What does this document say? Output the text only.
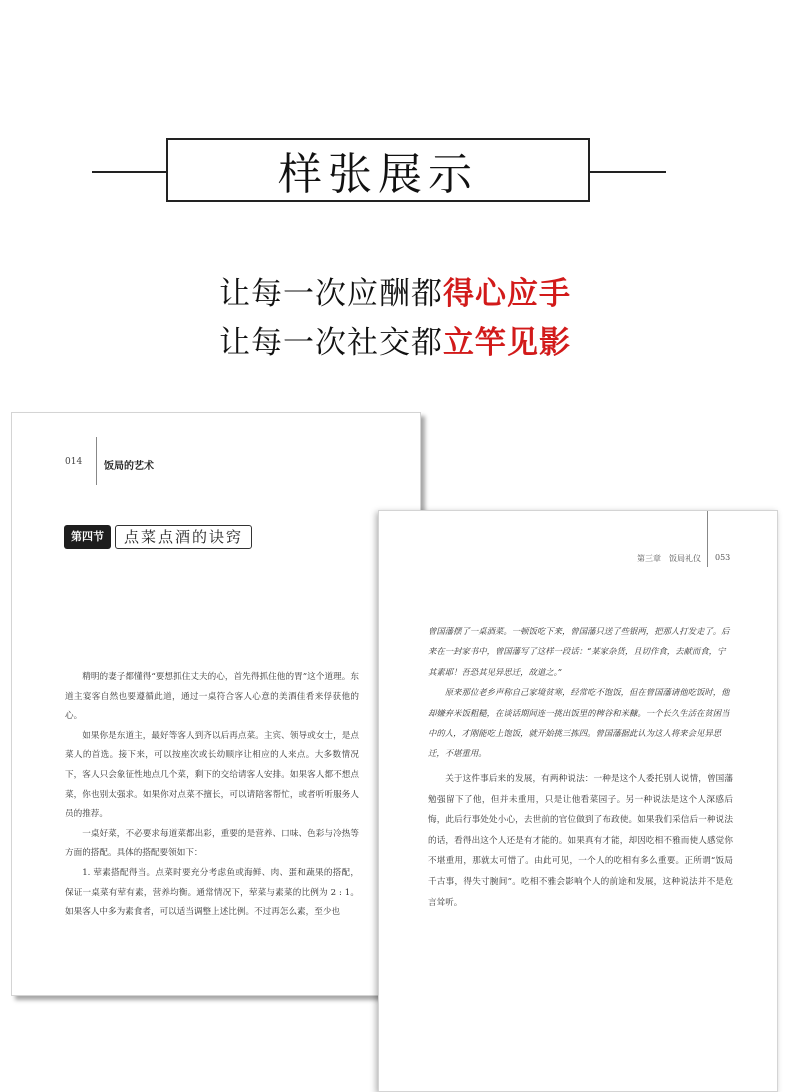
样张展示
让每一次应酬都得心应手
让每一次社交都立竿见影
014 饭局的艺术
第四节	点菜点酒的诀窍

精明的妻子都懂得“要想抓住丈夫的心，首先得抓住他的胃”这个道理。东道主宴客自然也要遵循此道，通过一桌符合客人心意的美酒佳肴来俘获他的心。

如果你是东道主，最好等客人到齐以后再点菜。主宾、领导或女士，是点菜人的首选。接下来，可以按座次或长幼顺序让相应的人来点。大多数情况下，客人只会象征性地点几个菜，剩下的交给请客人安排。如果客人都不想点菜，你也别太强求。如果你对点菜不擅长，可以请陪客帮忙，或者听听服务人员的推荐。

一桌好菜，不必要求每道菜都出彩，重要的是营养、口味、色彩与冷热等方面的搭配。具体的搭配要领如下：

1. 荤素搭配得当。点菜时要充分考虑鱼或海鲜、肉、蛋和蔬果的搭配，保证一桌菜有荤有素，营养均衡。通常情况下，荤菜与素菜的比例为 2 : 1。如果客人中多为素食者，可以适当调整上述比例。不过再怎么素，至少也

第三章　饭局礼仪 053

曾国藩摆了一桌酒菜。一顿饭吃下来，曾国藩只送了些银两，把那人打发走了。后来在一封家书中，曾国藩写了这样一段话：“某家杂货，且切作食，去献而食，宁其素耶！吾恐其见异思迁，故道之。”

原来那位老乡声称自己家境贫寒，经常吃不饱饭，但在曾国藩请他吃饭时，他却嫌弃米饭粗糙，在谈话期间连一挑出饭里的稗谷和米糠。一个长久生活在贫困当中的人，才刚能吃上饱饭，就开始挑三拣四。曾国藩据此认为这人将来会见异思迁，不堪重用。

关于这件事后来的发展，有两种说法：一种是这个人委托别人说情，曾国藩勉强留下了他，但并未重用，只是让他看菜园子。另一种说法是这个人深感后悔，此后行事处处小心，去世前的官位做到了布政使。如果我们采信后一种说法的话，看得出这个人还是有才能的。如果真有才能，却因吃相不雅而使人感觉你不堪重用，那就太可惜了。由此可见，一个人的吃相有多么重要。正所谓“饭局千古事，得失寸腕间”。吃相不雅会影响个人的前途和发展，这种说法并不是危言耸听。
